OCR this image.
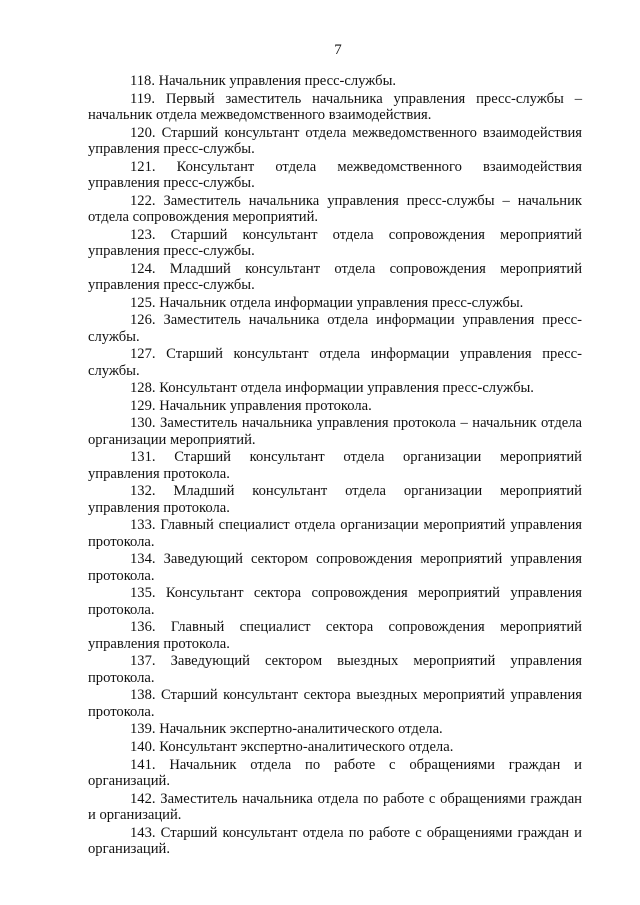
7

118. Начальник управления пресс-службы.

119. Первый заместитель начальника управления пресс-службы – начальник отдела межведомственного взаимодействия.

120. Старший консультант отдела межведомственного взаимодействия управления пресс-службы.

121. Консультант отдела межведомственного взаимодействия управления пресс-службы.

122. Заместитель начальника управления пресс-службы – начальник отдела сопровождения мероприятий.

123. Старший консультант отдела сопровождения мероприятий управления пресс-службы.

124. Младший консультант отдела сопровождения мероприятий управления пресс-службы.

125. Начальник отдела информации управления пресс-службы.

126. Заместитель начальника отдела информации управления пресс-службы.

127. Старший консультант отдела информации управления пресс-службы.

128. Консультант отдела информации управления пресс-службы.

129. Начальник управления протокола.

130. Заместитель начальника управления протокола – начальник отдела организации мероприятий.

131. Старший консультант отдела организации мероприятий управления протокола.

132. Младший консультант отдела организации мероприятий управления протокола.

133. Главный специалист отдела организации мероприятий управления протокола.

134. Заведующий сектором сопровождения мероприятий управления протокола.

135. Консультант сектора сопровождения мероприятий управления протокола.

136. Главный специалист сектора сопровождения мероприятий управления протокола.

137. Заведующий сектором выездных мероприятий управления протокола.

138. Старший консультант сектора выездных мероприятий управления протокола.

139. Начальник экспертно-аналитического отдела.

140. Консультант экспертно-аналитического отдела.

141. Начальник отдела по работе с обращениями граждан и организаций.

142. Заместитель начальника отдела по работе с обращениями граждан и организаций.

143. Старший консультант отдела по работе с обращениями граждан и организаций.
